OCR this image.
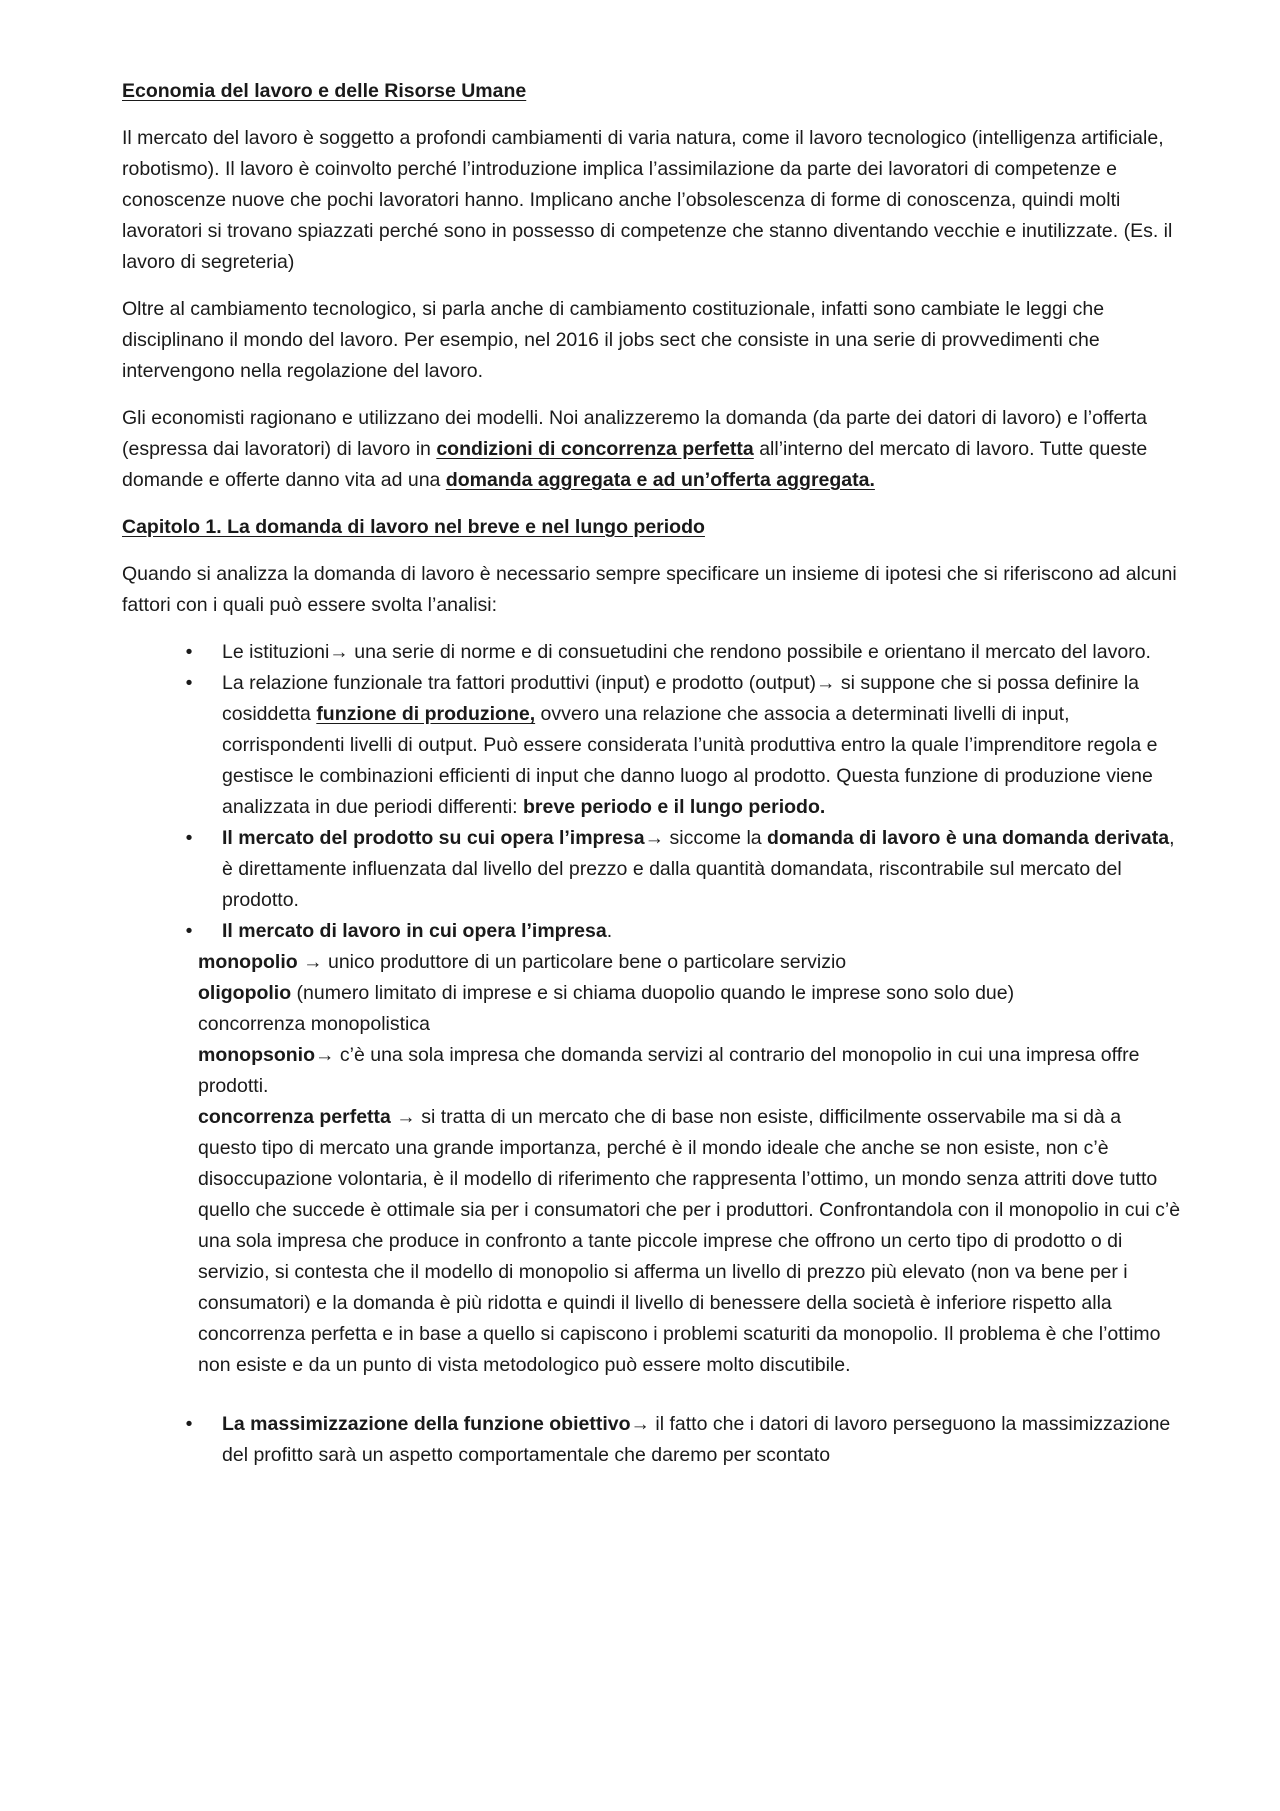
Economia del lavoro e delle Risorse Umane

Il mercato del lavoro è soggetto a profondi cambiamenti di varia natura, come il lavoro tecnologico (intelligenza artificiale, robotismo). Il lavoro è coinvolto perché l’introduzione implica l’assimilazione da parte dei lavoratori di competenze e conoscenze nuove che pochi lavoratori hanno. Implicano anche l’obsolescenza di forme di conoscenza, quindi molti lavoratori si trovano spiazzati perché sono in possesso di competenze che stanno diventando vecchie e inutilizzate. (Es. il lavoro di segreteria)

Oltre al cambiamento tecnologico, si parla anche di cambiamento costituzionale, infatti sono cambiate le leggi che disciplinano il mondo del lavoro. Per esempio, nel 2016 il jobs sect che consiste in una serie di provvedimenti che intervengono nella regolazione del lavoro.

Gli economisti ragionano e utilizzano dei modelli. Noi analizzeremo la domanda (da parte dei datori di lavoro) e l’offerta (espressa dai lavoratori) di lavoro in condizioni di concorrenza perfetta all’interno del mercato di lavoro. Tutte queste domande e offerte danno vita ad una domanda aggregata e ad un’offerta aggregata.

Capitolo 1. La domanda di lavoro nel breve e nel lungo periodo

Quando si analizza la domanda di lavoro è necessario sempre specificare un insieme di ipotesi che si riferiscono ad alcuni fattori con i quali può essere svolta l’analisi:

• Le istituzioni→ una serie di norme e di consuetudini che rendono possibile e orientano il mercato del lavoro.
• La relazione funzionale tra fattori produttivi (input) e prodotto (output)→ si suppone che si possa definire la cosiddetta funzione di produzione, ovvero una relazione che associa a determinati livelli di input, corrispondenti livelli di output. Può essere considerata l’unità produttiva entro la quale l’imprenditore regola e gestisce le combinazioni efficienti di input che danno luogo al prodotto. Questa funzione di produzione viene analizzata in due periodi differenti: breve periodo e il lungo periodo.
• Il mercato del prodotto su cui opera l’impresa→ siccome la domanda di lavoro è una domanda derivata, è direttamente influenzata dal livello del prezzo e dalla quantità domandata, riscontrabile sul mercato del prodotto.
• Il mercato di lavoro in cui opera l’impresa.
monopolio → unico produttore di un particolare bene o particolare servizio
oligopolio (numero limitato di imprese e si chiama duopolio quando le imprese sono solo due)
concorrenza monopolistica
monopsonio→ c’è una sola impresa che domanda servizi al contrario del monopolio in cui una impresa offre prodotti.
concorrenza perfetta → si tratta di un mercato che di base non esiste, difficilmente osservabile ma si dà a questo tipo di mercato una grande importanza, perché è il mondo ideale che anche se non esiste, non c’è disoccupazione volontaria, è il modello di riferimento che rappresenta l’ottimo, un mondo senza attriti dove tutto quello che succede è ottimale sia per i consumatori che per i produttori. Confrontandola con il monopolio in cui c’è una sola impresa che produce in confronto a tante piccole imprese che offrono un certo tipo di prodotto o di servizio, si contesta che il modello di monopolio si afferma un livello di prezzo più elevato (non va bene per i consumatori) e la domanda è più ridotta e quindi il livello di benessere della società è inferiore rispetto alla concorrenza perfetta e in base a quello si capiscono i problemi scaturiti da monopolio. Il problema è che l’ottimo non esiste e da un punto di vista metodologico può essere molto discutibile.
• La massimizzazione della funzione obiettivo→ il fatto che i datori di lavoro perseguono la massimizzazione del profitto sarà un aspetto comportamentale che daremo per scontato
